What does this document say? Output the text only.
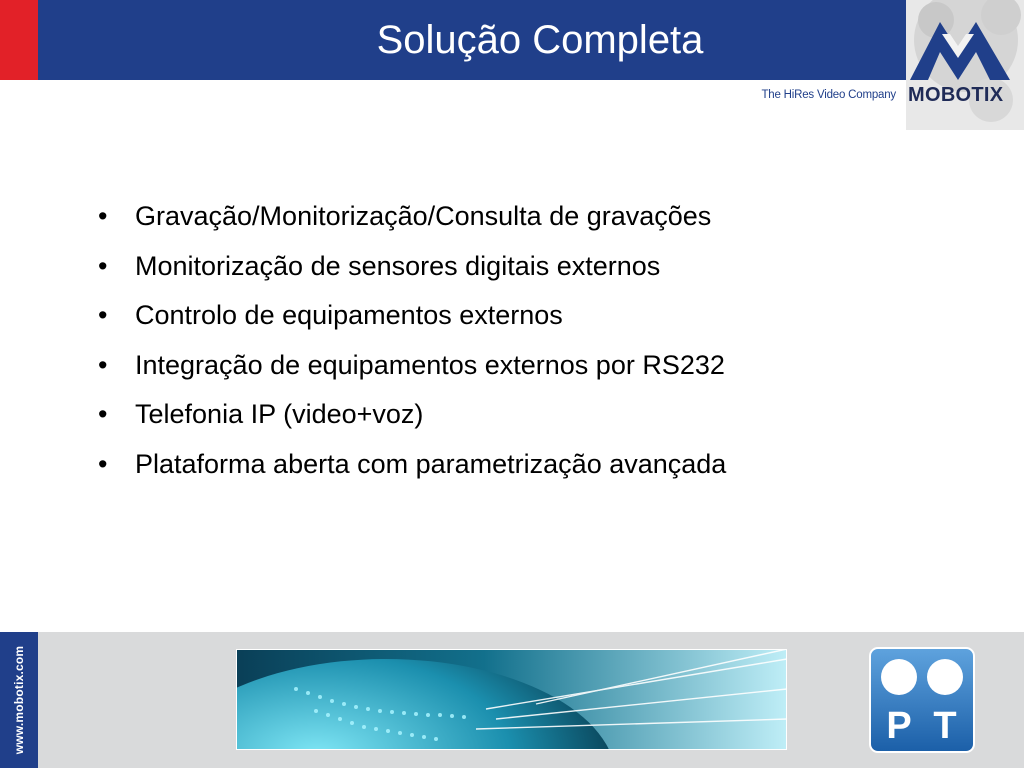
Solução Completa
The HiRes Video Company MOBOTIX
• Gravação/Monitorização/Consulta de gravações
• Monitorização de sensores digitais externos
• Controlo de equipamentos externos
• Integração de equipamentos externos por RS232
• Telefonia IP (video+voz)
• Plataforma aberta com parametrização avançada
www.mobotix.com	P T
